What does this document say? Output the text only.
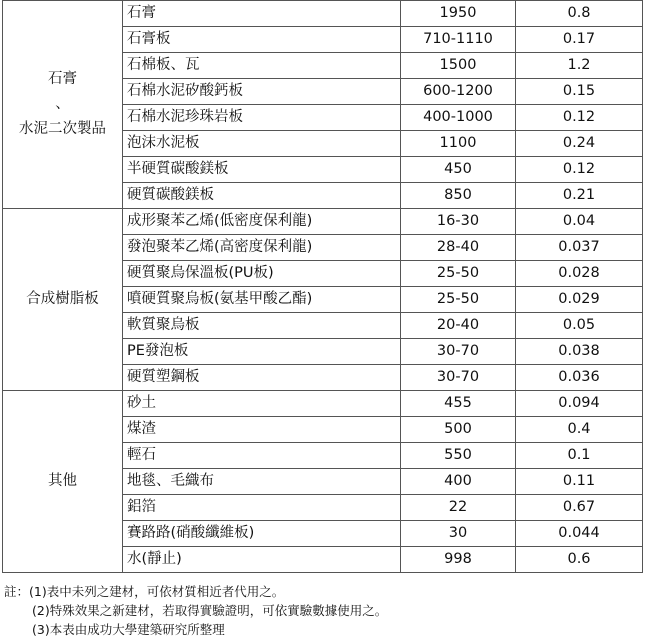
石膏
、
水泥二次製品	石膏	1950	0.8
	石膏板	710-1110	0.17
	石棉板、瓦	1500	1.2
	石棉水泥矽酸鈣板	600-1200	0.15
	石棉水泥珍珠岩板	400-1000	0.12
	泡沫水泥板	1100	0.24
	半硬質碳酸鎂板	450	0.12
	硬質碳酸鎂板	850	0.21

合成樹脂板	成形聚苯乙烯(低密度保利龍)	16-30	0.04
	發泡聚苯乙烯(高密度保利龍)	28-40	0.037
	硬質聚烏保溫板(PU板)	25-50	0.028
	噴硬質聚烏板(氨基甲酸乙酯)	25-50	0.029
	軟質聚烏板	20-40	0.05
	PE發泡板	30-70	0.038
	硬質塑鋼板	30-70	0.036

其他	砂土	455	0.094
	煤渣	500	0.4
	輕石	550	0.1
	地毯、毛織布	400	0.11
	鋁箔	22	0.67
	賽路路(硝酸纖維板)	30	0.044
	水(靜止)	998	0.6
註：(1)表中未列之建材，可依材質相近者代用之。
(2)特殊效果之新建材，若取得實驗證明，可依實驗數據使用之。
(3)本表由成功大學建築研究所整理
